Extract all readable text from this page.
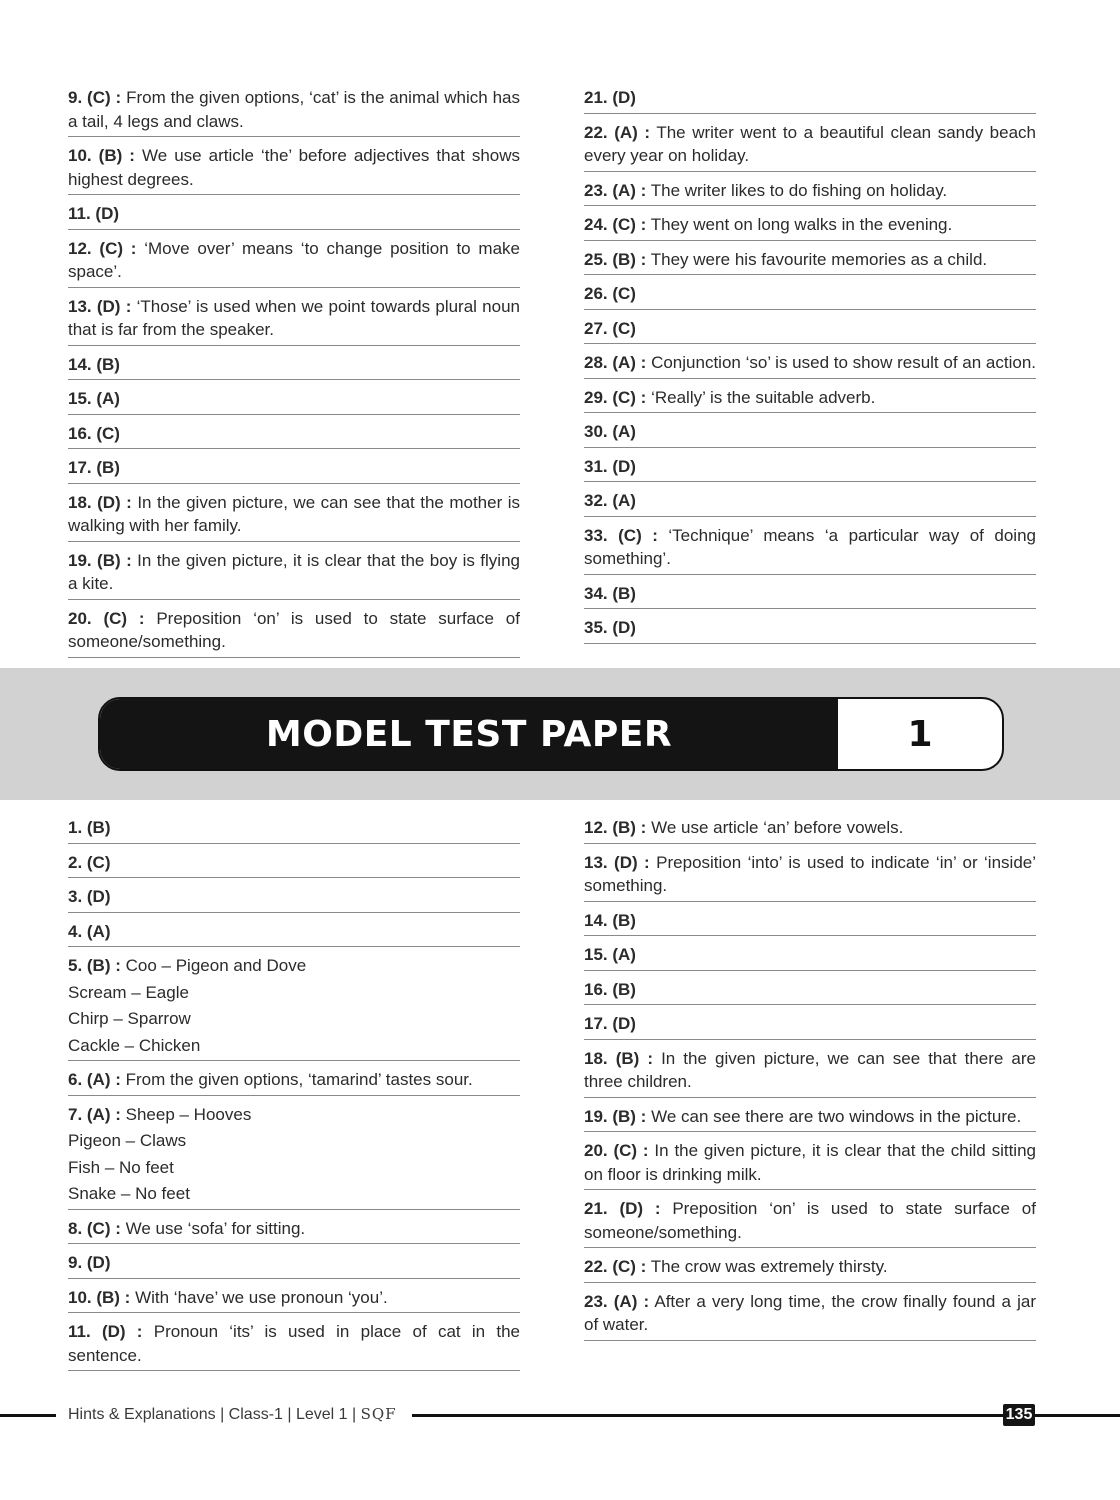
9. (C) : From the given options, ‘cat’ is the animal which has a tail, 4 legs and claws.
10. (B) : We use article ‘the’ before adjectives that shows highest degrees.
11. (D)
12. (C) : ‘Move over’ means ‘to change position to make space’.
13. (D) : ‘Those’ is used when we point towards plural noun that is far from the speaker.
14. (B)
15. (A)
16. (C)
17. (B)
18. (D) : In the given picture, we can see that the mother is walking with her family.
19. (B) : In the given picture, it is clear that the boy is flying a kite.
20. (C) : Preposition ‘on’ is used to state surface of someone/something.
21. (D)
22. (A) : The writer went to a beautiful clean sandy beach every year on holiday.
23. (A) : The writer likes to do fishing on holiday.
24. (C) : They went on long walks in the evening.
25. (B) : They were his favourite memories as a child.
26. (C)
27. (C)
28. (A) : Conjunction ‘so’ is used to show result of an action.
29. (C) : ‘Really’ is the suitable adverb.
30. (A)
31. (D)
32. (A)
33. (C) : ‘Technique’ means ‘a particular way of doing something’.
34. (B)
35. (D)
MODEL TEST PAPER	1
1. (B)
2. (C)
3. (D)
4. (A)
5. (B) : Coo – Pigeon and Dove
Scream – Eagle
Chirp – Sparrow
Cackle – Chicken
6. (A) : From the given options, ‘tamarind’ tastes sour.
7. (A) : Sheep – Hooves
Pigeon – Claws
Fish – No feet
Snake – No feet
8. (C) : We use ‘sofa’ for sitting.
9. (D)
10. (B) : With ‘have’ we use pronoun ‘you’.
11. (D) : Pronoun ‘its’ is used in place of cat in the sentence.
12. (B) : We use article ‘an’ before vowels.
13. (D) : Preposition ‘into’ is used to indicate ‘in’ or ‘inside’ something.
14. (B)
15. (A)
16. (B)
17. (D)
18. (B) : In the given picture, we can see that there are three children.
19. (B) : We can see there are two windows in the picture.
20. (C) : In the given picture, it is clear that the child sitting on floor is drinking milk.
21. (D) : Preposition ‘on’ is used to state surface of someone/something.
22. (C) : The crow was extremely thirsty.
23. (A) : After a very long time, the crow finally found a jar of water.
Hints & Explanations | Class-1 | Level 1 | SQF	135
